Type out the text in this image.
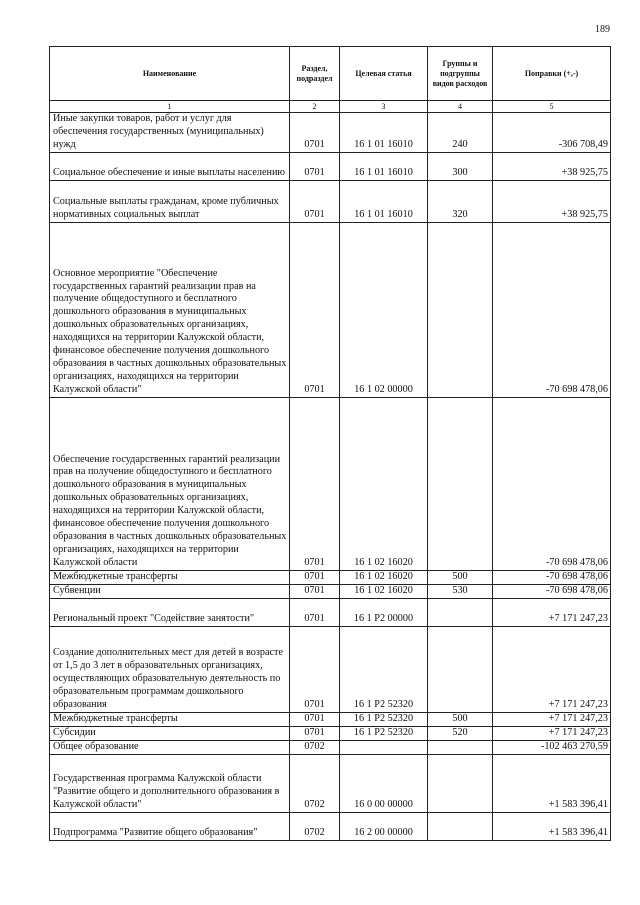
189
Наименование	Раздел, подраздел	Целевая статья	Группы и подгруппы видов расходов	Поправки (+,-)
1	2	3	4	5
Иные закупки товаров, работ и услуг для обеспечения государственных (муниципальных) нужд	0701	16 1 01 16010	240	-306 708,49
Социальное обеспечение и иные выплаты населению	0701	16 1 01 16010	300	+38 925,75
Социальные выплаты гражданам, кроме публичных нормативных социальных выплат	0701	16 1 01 16010	320	+38 925,75
Основное мероприятие "Обеспечение государственных гарантий реализации прав на получение общедоступного и бесплатного дошкольного образования в муниципальных дошкольных образовательных организациях, находящихся на территории Калужской области, финансовое обеспечение получения дошкольного образования в частных дошкольных образовательных организациях, находящихся на территории Калужской области"	0701	16 1 02 00000		-70 698 478,06
Обеспечение государственных гарантий реализации прав на получение общедоступного и бесплатного дошкольного образования в муниципальных дошкольных образовательных организациях, находящихся на территории Калужской области, финансовое обеспечение получения дошкольного образования в частных дошкольных образовательных организациях, находящихся на территории Калужской области	0701	16 1 02 16020		-70 698 478,06
Межбюджетные трансферты	0701	16 1 02 16020	500	-70 698 478,06
Субвенции	0701	16 1 02 16020	530	-70 698 478,06
Региональный проект "Содействие занятости"	0701	16 1 P2 00000		+7 171 247,23
Создание дополнительных мест для детей в возрасте от 1,5 до 3 лет в образовательных организациях, осуществляющих образовательную деятельность по образовательным программам дошкольного образования	0701	16 1 P2 52320		+7 171 247,23
Межбюджетные трансферты	0701	16 1 P2 52320	500	+7 171 247,23
Субсидии	0701	16 1 P2 52320	520	+7 171 247,23
Общее образование	0702			-102 463 270,59
Государственная программа Калужской области "Развитие общего и дополнительного образования в Калужской области"	0702	16 0 00 00000		+1 583 396,41
Подпрограмма "Развитие общего образования"	0702	16 2 00 00000		+1 583 396,41
